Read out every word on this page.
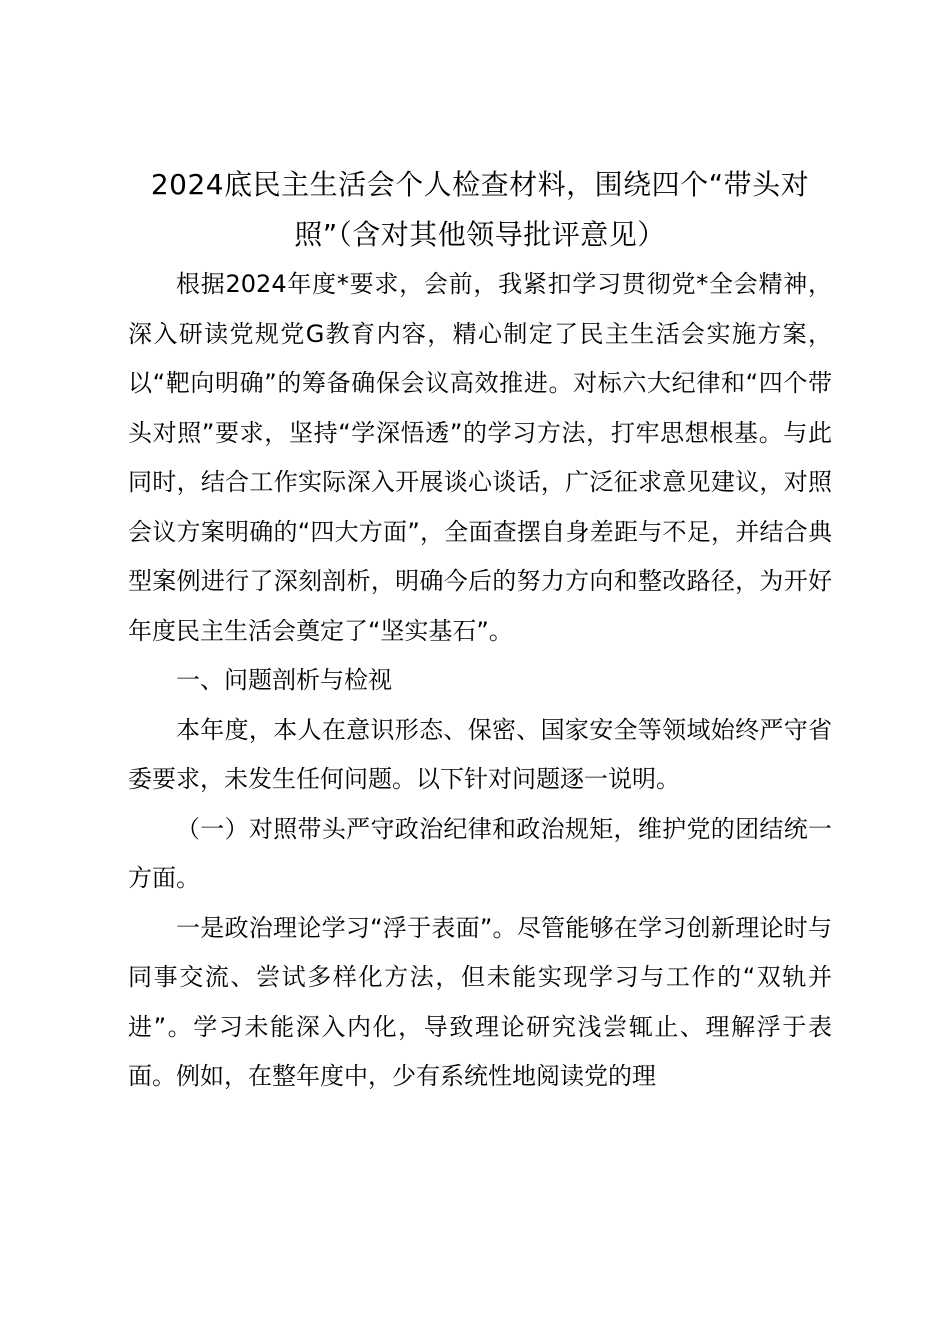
2024底民主生活会个人检查材料，围绕四个“带头对照”（含对其他领导批评意见）

根据2024年度*要求，会前，我紧扣学习贯彻党*全会精神，深入研读党规党G教育内容，精心制定了民主生活会实施方案，以“靶向明确”的筹备确保会议高效推进。对标六大纪律和“四个带头对照”要求，坚持“学深悟透”的学习方法，打牢思想根基。与此同时，结合工作实际深入开展谈心谈话，广泛征求意见建议，对照会议方案明确的“四大方面”，全面查摆自身差距与不足，并结合典型案例进行了深刻剖析，明确今后的努力方向和整改路径，为开好年度民主生活会奠定了“坚实基石”。

一、问题剖析与检视

本年度，本人在意识形态、保密、国家安全等领域始终严守省委要求，未发生任何问题。以下针对问题逐一说明。

（一）对照带头严守政治纪律和政治规矩，维护党的团结统一方面。

一是政治理论学习“浮于表面”。尽管能够在学习创新理论时与同事交流、尝试多样化方法，但未能实现学习与工作的“双轨并进”。学习未能深入内化，导致理论研究浅尝辄止、理解浮于表面。例如，在整年度中，少有系统性地阅读党的理
